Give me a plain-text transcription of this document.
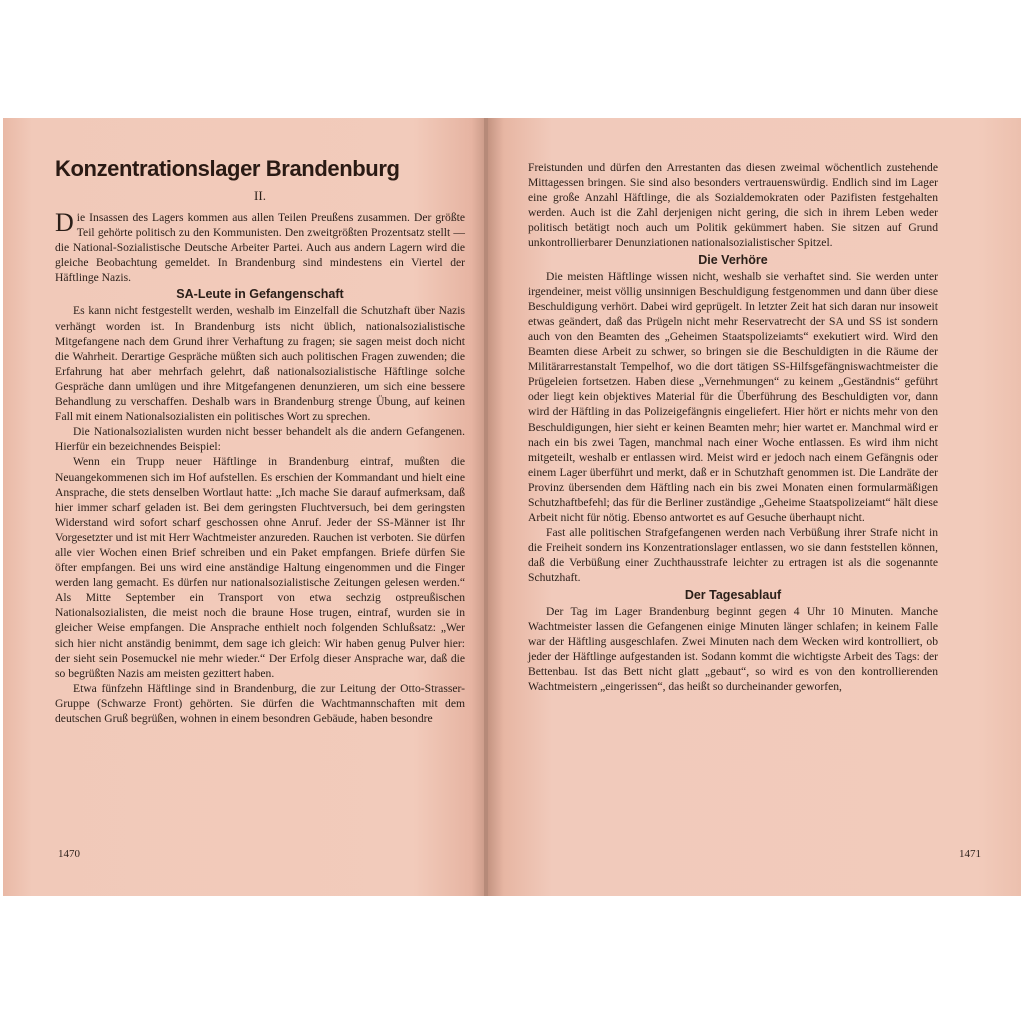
Konzentrationslager Brandenburg
II.

Die Insassen des Lagers kommen aus allen Teilen Preußens zusammen. Der größte Teil gehörte politisch zu den Kommunisten. Den zweitgrößten Prozentsatz stellt — die National-Sozialistische Deutsche Arbeiter Partei. Auch aus andern Lagern wird die gleiche Beobachtung gemeldet. In Brandenburg sind mindestens ein Viertel der Häftlinge Nazis.

SA-Leute in Gefangenschaft

Es kann nicht festgestellt werden, weshalb im Einzelfall die Schutzhaft über Nazis verhängt worden ist. In Brandenburg ists nicht üblich, nationalsozialistische Mitgefangene nach dem Grund ihrer Verhaftung zu fragen; sie sagen meist doch nicht die Wahrheit. Derartige Gespräche müßten sich auch politischen Fragen zuwenden; die Erfahrung hat aber mehrfach gelehrt, daß nationalsozialistische Häftlinge solche Gespräche dann umlügen und ihre Mitgefangenen denunzieren, um sich eine bessere Behandlung zu verschaffen. Deshalb wars in Brandenburg strenge Übung, auf keinen Fall mit einem Nationalsozialisten ein politisches Wort zu sprechen.

Die Nationalsozialisten wurden nicht besser behandelt als die andern Gefangenen. Hierfür ein bezeichnendes Beispiel:

Wenn ein Trupp neuer Häftlinge in Brandenburg eintraf, mußten die Neuangekommenen sich im Hof aufstellen. Es erschien der Kommandant und hielt eine Ansprache, die stets denselben Wortlaut hatte: „Ich mache Sie darauf aufmerksam, daß hier immer scharf geladen ist. Bei dem geringsten Fluchtversuch, bei dem geringsten Widerstand wird sofort scharf geschossen ohne Anruf. Jeder der SS-Männer ist Ihr Vorgesetzter und ist mit Herr Wachtmeister anzureden. Rauchen ist verboten. Sie dürfen alle vier Wochen einen Brief schreiben und ein Paket empfangen. Briefe dürfen Sie öfter empfangen. Bei uns wird eine anständige Haltung eingenommen und die Finger werden lang gemacht. Es dürfen nur nationalsozialistische Zeitungen gelesen werden.“ Als Mitte September ein Transport von etwa sechzig ostpreußischen Nationalsozialisten, die meist noch die braune Hose trugen, eintraf, wurden sie in gleicher Weise empfangen. Die Ansprache enthielt noch folgenden Schlußsatz: „Wer sich hier nicht anständig benimmt, dem sage ich gleich: Wir haben genug Pulver hier: der sieht sein Posemuckel nie mehr wieder.“ Der Erfolg dieser Ansprache war, daß die so begrüßten Nazis am meisten gezittert haben.

Etwa fünfzehn Häftlinge sind in Brandenburg, die zur Leitung der Otto-Strasser-Gruppe (Schwarze Front) gehörten. Sie dürfen die Wachtmannschaften mit dem deutschen Gruß begrüßen, wohnen in einem besondren Gebäude, haben besondre

1470

Freistunden und dürfen den Arrestanten das diesen zweimal wöchentlich zustehende Mittagessen bringen. Sie sind also besonders vertrauenswürdig. Endlich sind im Lager eine große Anzahl Häftlinge, die als Sozialdemokraten oder Pazifisten festgehalten werden. Auch ist die Zahl derjenigen nicht gering, die sich in ihrem Leben weder politisch betätigt noch auch um Politik gekümmert haben. Sie sitzen auf Grund unkontrollierbarer Denunziationen nationalsozialistischer Spitzel.

Die Verhöre

Die meisten Häftlinge wissen nicht, weshalb sie verhaftet sind. Sie werden unter irgendeiner, meist völlig unsinnigen Beschuldigung festgenommen und dann über diese Beschuldigung verhört. Dabei wird geprügelt. In letzter Zeit hat sich daran nur insoweit etwas geändert, daß das Prügeln nicht mehr Reservatrecht der SA und SS ist sondern auch von den Beamten des „Geheimen Staatspolizeiamts“ exekutiert wird. Wird den Beamten diese Arbeit zu schwer, so bringen sie die Beschuldigten in die Räume der Militärarrestanstalt Tempelhof, wo die dort tätigen SS-Hilfsgefängniswachtmeister die Prügeleien fortsetzen. Haben diese „Vernehmungen“ zu keinem „Geständnis“ geführt oder liegt kein objektives Material für die Überführung des Beschuldigten vor, dann wird der Häftling in das Polizeigefängnis eingeliefert. Hier hört er nichts mehr von den Beschuldigungen, hier sieht er keinen Beamten mehr; hier wartet er. Manchmal wird er nach ein bis zwei Tagen, manchmal nach einer Woche entlassen. Es wird ihm nicht mitgeteilt, weshalb er entlassen wird. Meist wird er jedoch nach einem Gefängnis oder einem Lager überführt und merkt, daß er in Schutzhaft genommen ist. Die Landräte der Provinz übersenden dem Häftling nach ein bis zwei Monaten einen formularmäßigen Schutzhaftbefehl; das für die Berliner zuständige „Geheime Staatspolizeiamt“ hält diese Arbeit nicht für nötig. Ebenso antwortet es auf Gesuche überhaupt nicht.

Fast alle politischen Strafgefangenen werden nach Verbüßung ihrer Strafe nicht in die Freiheit sondern ins Konzentrationslager entlassen, wo sie dann feststellen können, daß die Verbüßung einer Zuchthausstrafe leichter zu ertragen ist als die sogenannte Schutzhaft.

Der Tagesablauf

Der Tag im Lager Brandenburg beginnt gegen 4 Uhr 10 Minuten. Manche Wachtmeister lassen die Gefangenen einige Minuten länger schlafen; in keinem Falle war der Häftling ausgeschlafen. Zwei Minuten nach dem Wecken wird kontrolliert, ob jeder der Häftlinge aufgestanden ist. Sodann kommt die wichtigste Arbeit des Tags: der Bettenbau. Ist das Bett nicht glatt „gebaut“, so wird es von den kontrollierenden Wachtmeistern „eingerissen“, das heißt so durcheinander geworfen,

1471
